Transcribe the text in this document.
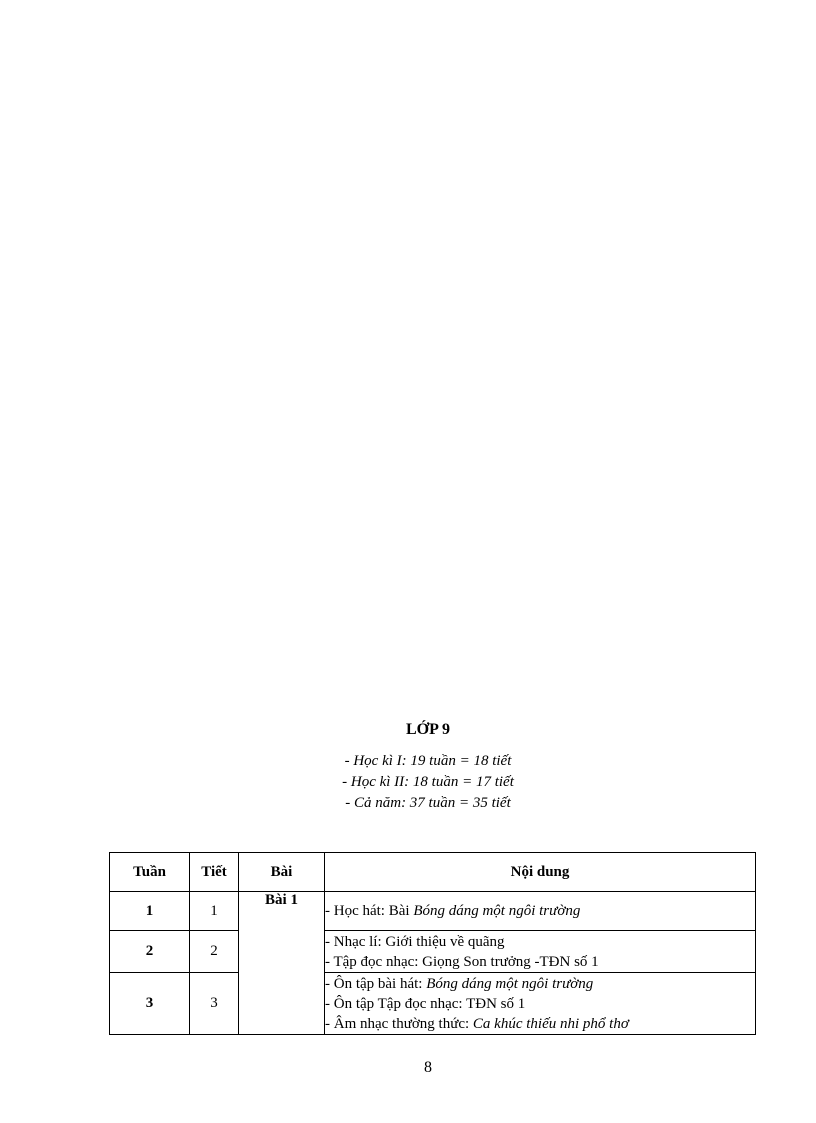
LỚP 9
- Học kì I: 19 tuần = 18 tiết
- Học kì II: 18 tuần = 17 tiết
- Cả năm: 37 tuần = 35 tiết
Tuần	Tiết	Bài	Nội dung
1	1	Bài 1	- Học hát: Bài Bóng dáng một ngôi trường

2	2		- Nhạc lí: Giới thiệu về quãng
- Tập đọc nhạc: Giọng Son trưởng -TĐN số 1

3	3		- Ôn tập bài hát: Bóng dáng một ngôi trường
- Ôn tập Tập đọc nhạc: TĐN số 1
- Âm nhạc thường thức: Ca khúc thiếu nhi phổ thơ
8
